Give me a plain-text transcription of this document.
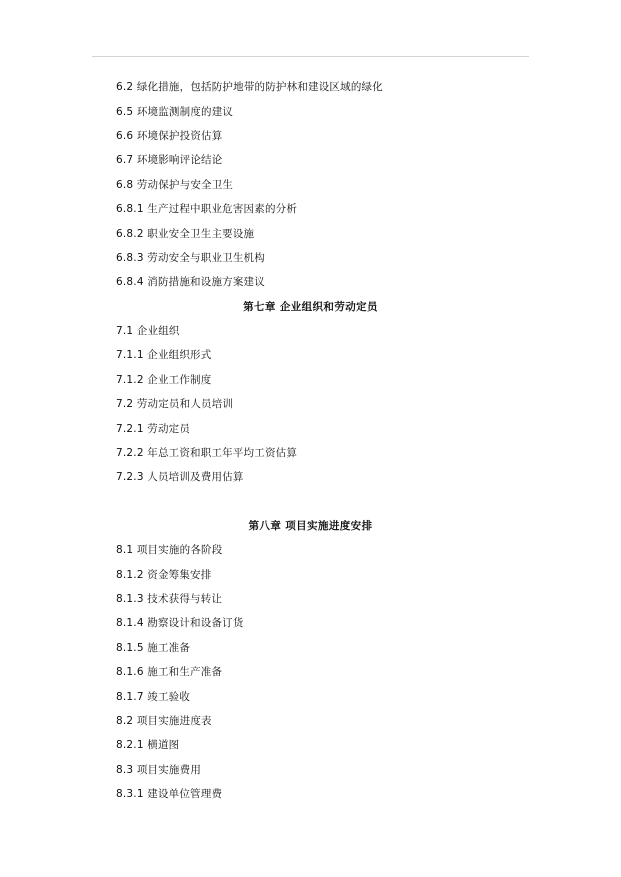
6.2 绿化措施，包括防护地带的防护林和建设区域的绿化
6.5 环境监测制度的建议
6.6 环境保护投资估算
6.7 环境影响评论结论
6.8 劳动保护与安全卫生
6.8.1 生产过程中职业危害因素的分析
6.8.2 职业安全卫生主要设施
6.8.3 劳动安全与职业卫生机构
6.8.4 消防措施和设施方案建议
第七章 企业组织和劳动定员
7.1 企业组织
7.1.1 企业组织形式
7.1.2 企业工作制度
7.2 劳动定员和人员培训
7.2.1 劳动定员
7.2.2 年总工资和职工年平均工资估算
7.2.3 人员培训及费用估算
第八章 项目实施进度安排
8.1 项目实施的各阶段
8.1.2 资金筹集安排
8.1.3 技术获得与转让
8.1.4 勘察设计和设备订货
8.1.5 施工准备
8.1.6 施工和生产准备
8.1.7 竣工验收
8.2 项目实施进度表
8.2.1 横道图
8.3 项目实施费用
8.3.1 建设单位管理费
